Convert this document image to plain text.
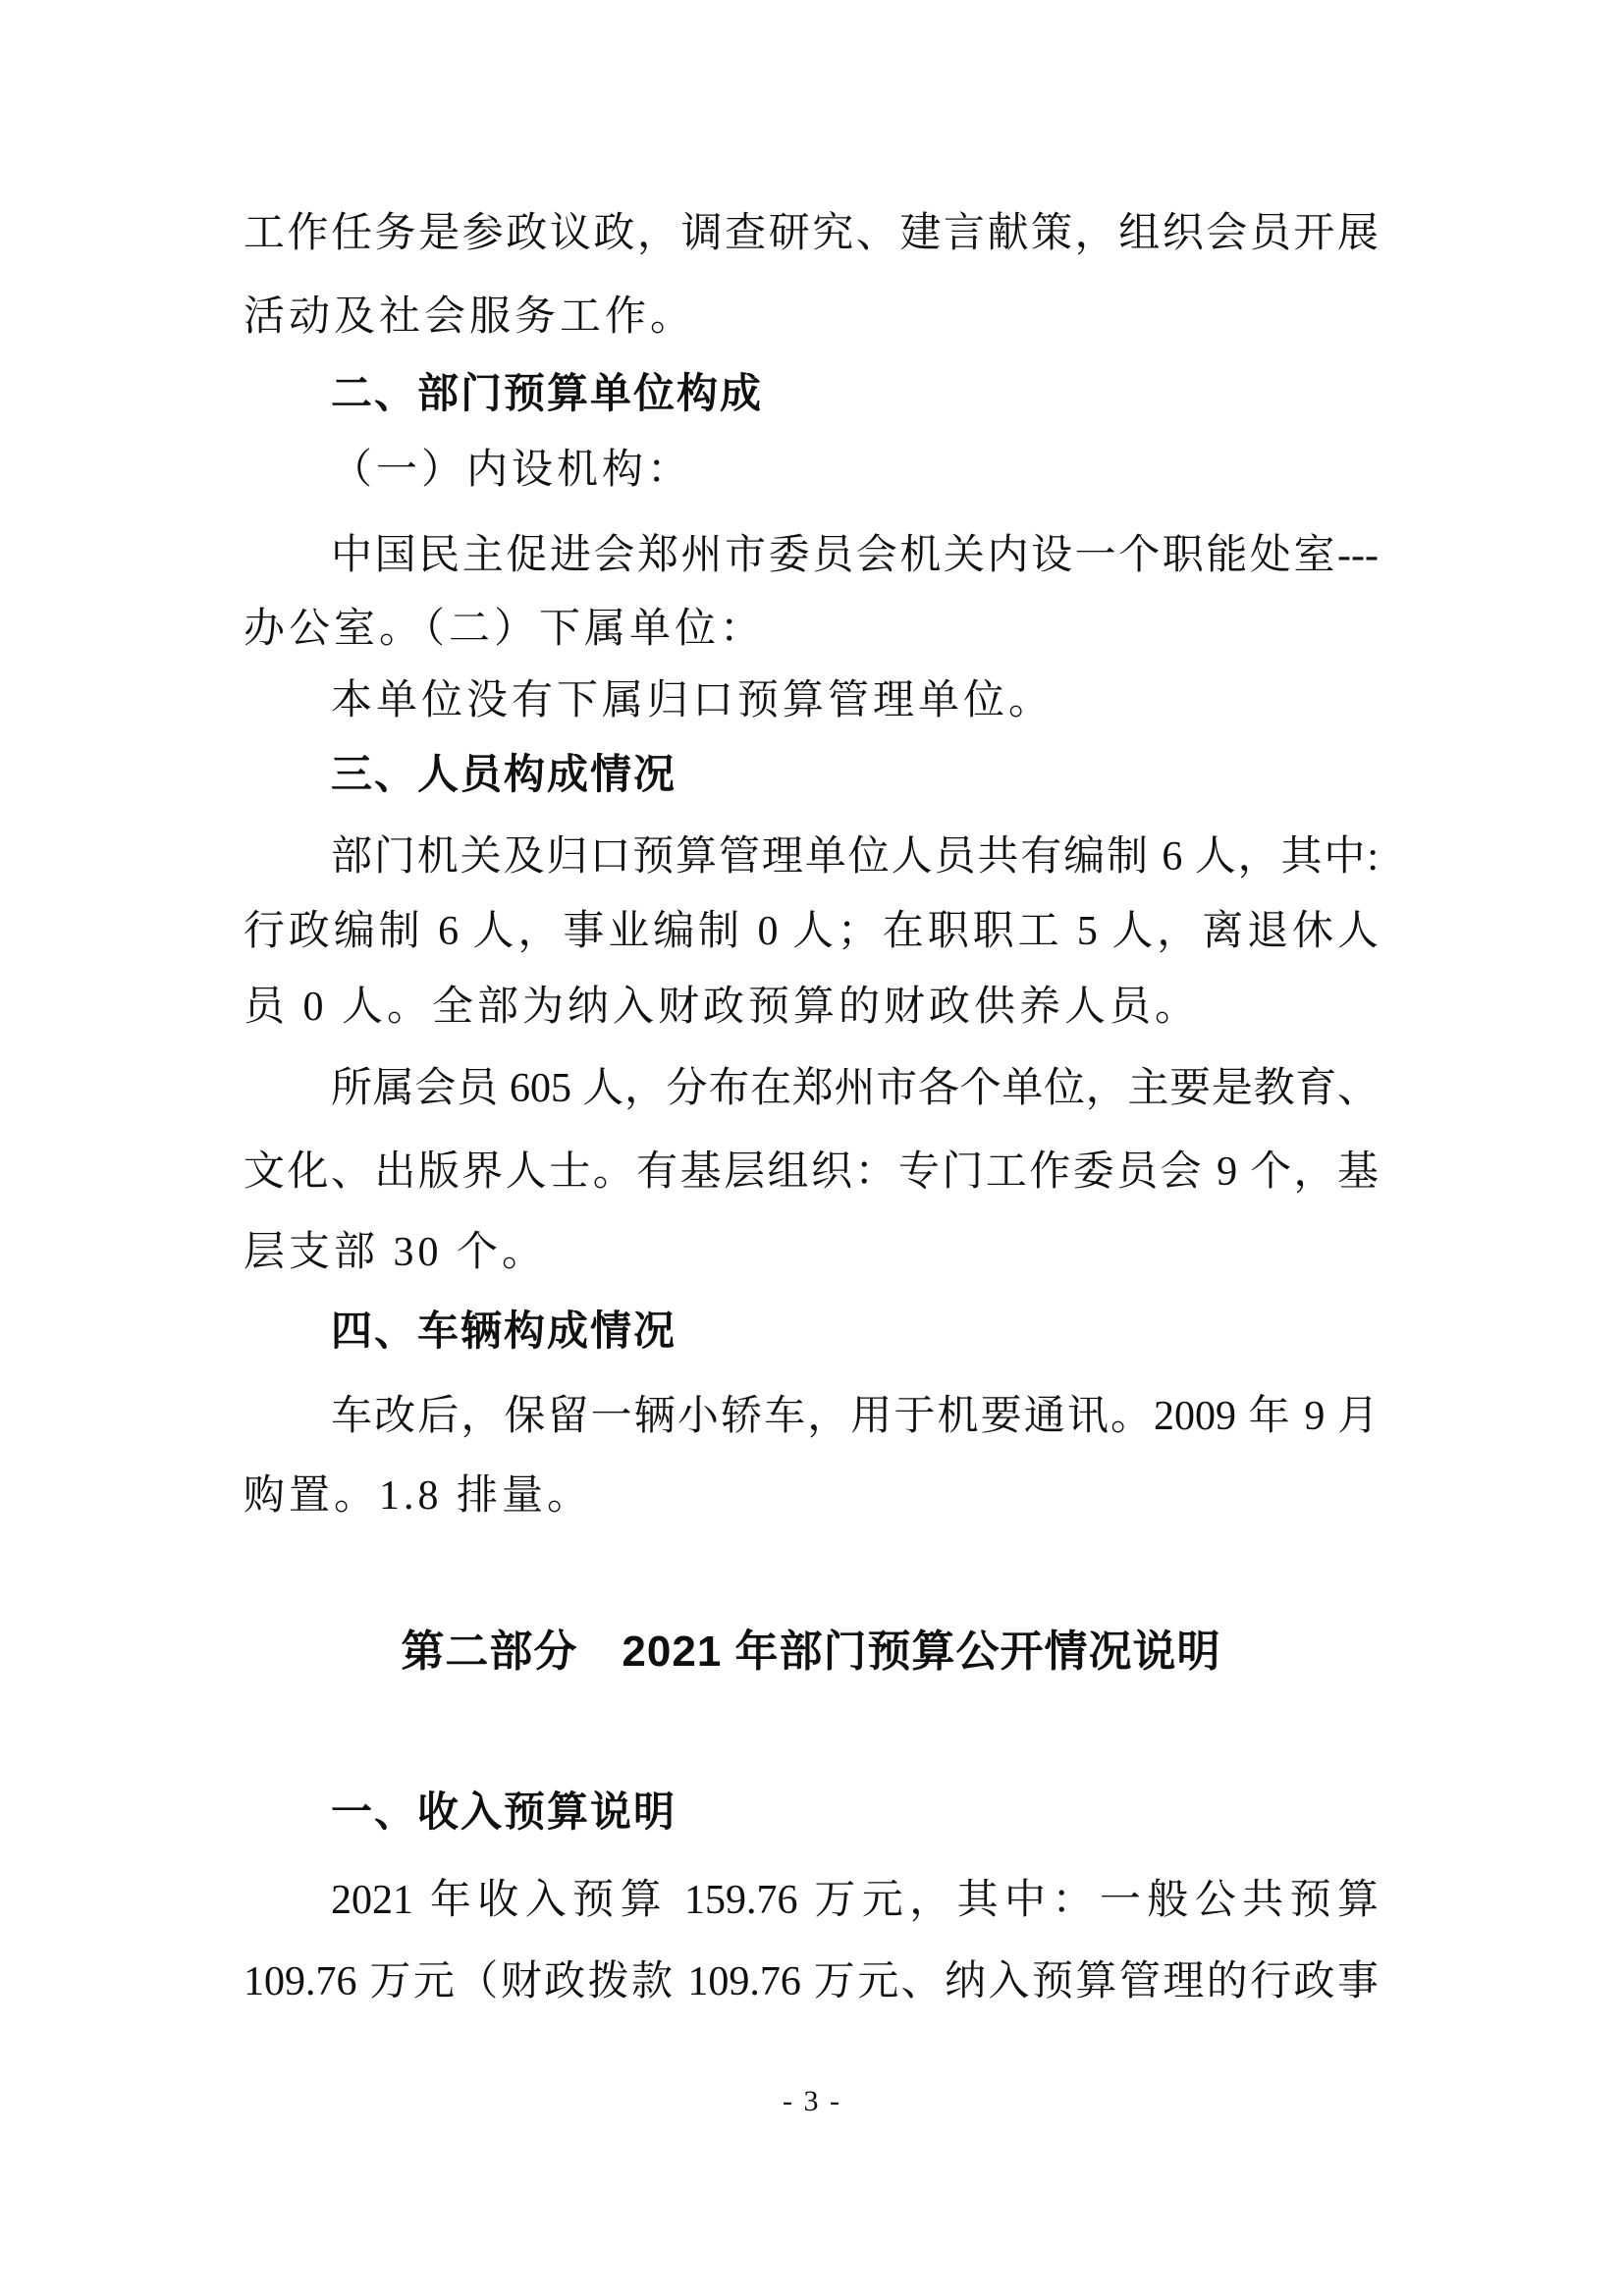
工作任务是参政议政，调查研究、建言献策，组织会员开展
活动及社会服务工作。
二、部门预算单位构成
（一）内设机构：
中国民主促进会郑州市委员会机关内设一个职能处室---
办公室。（二）下属单位：
本单位没有下属归口预算管理单位。
三、人员构成情况
部门机关及归口预算管理单位人员共有编制 6 人，其中:
行政编制 6 人，事业编制 0 人；在职职工 5 人，离退休人
员 0 人。全部为纳入财政预算的财政供养人员。
所属会员 605 人，分布在郑州市各个单位，主要是教育、
文化、出版界人士。有基层组织：专门工作委员会 9 个，基
层支部 30 个。
四、车辆构成情况
车改后，保留一辆小轿车，用于机要通讯。2009 年 9 月
购置。1.8 排量。
第二部分　2021 年部门预算公开情况说明
一、收入预算说明
2021 年收入预算 159.76 万元，其中：一般公共预算
109.76 万元（财政拨款 109.76 万元、纳入预算管理的行政事
- 3 -
